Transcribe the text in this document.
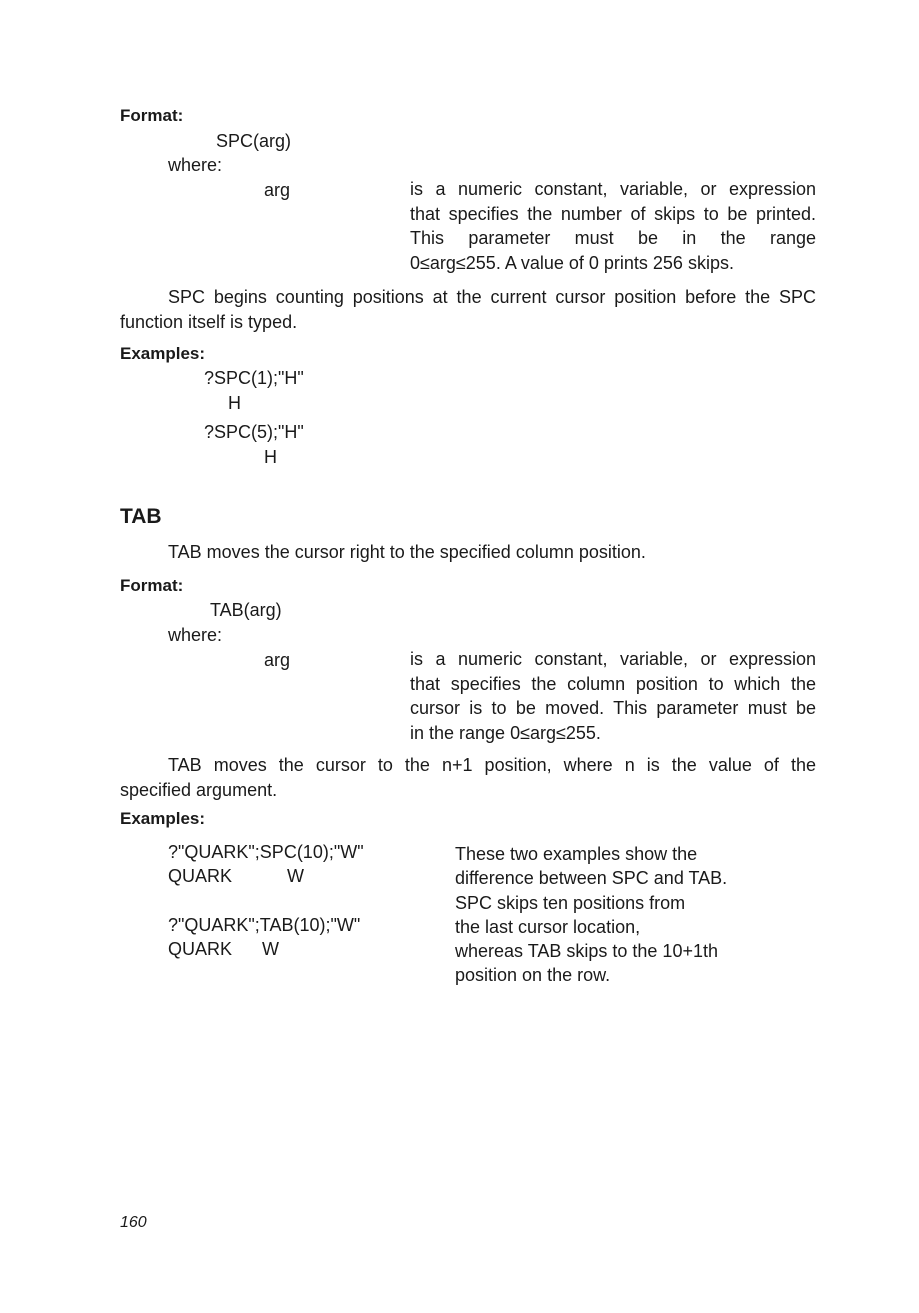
Format:
SPC(arg)
where:
arg	is a numeric constant, variable, or expression
that specifies the number of skips to be printed.
This parameter must be in the range
0≤arg≤255. A value of 0 prints 256 skips.
SPC begins counting positions at the current cursor position before the SPC
function itself is typed.
Examples:
?SPC(1);"H"
H
?SPC(5);"H"
H
TAB
TAB moves the cursor right to the specified column position.
Format:
TAB(arg)
where:
arg	is a numeric constant, variable, or expression
that specifies the column position to which the
cursor is to be moved. This parameter must be
in the range 0≤arg≤255.
TAB moves the cursor to the n+1 position, where n is the value of the
specified argument.
Examples:
?"QUARK";SPC(10);"W"
QUARK           W
?"QUARK";TAB(10);"W"
QUARK      W
These two examples show the
difference between SPC and TAB.
SPC skips ten positions from
the last cursor location,
whereas TAB skips to the 10+1th
position on the row.
160
